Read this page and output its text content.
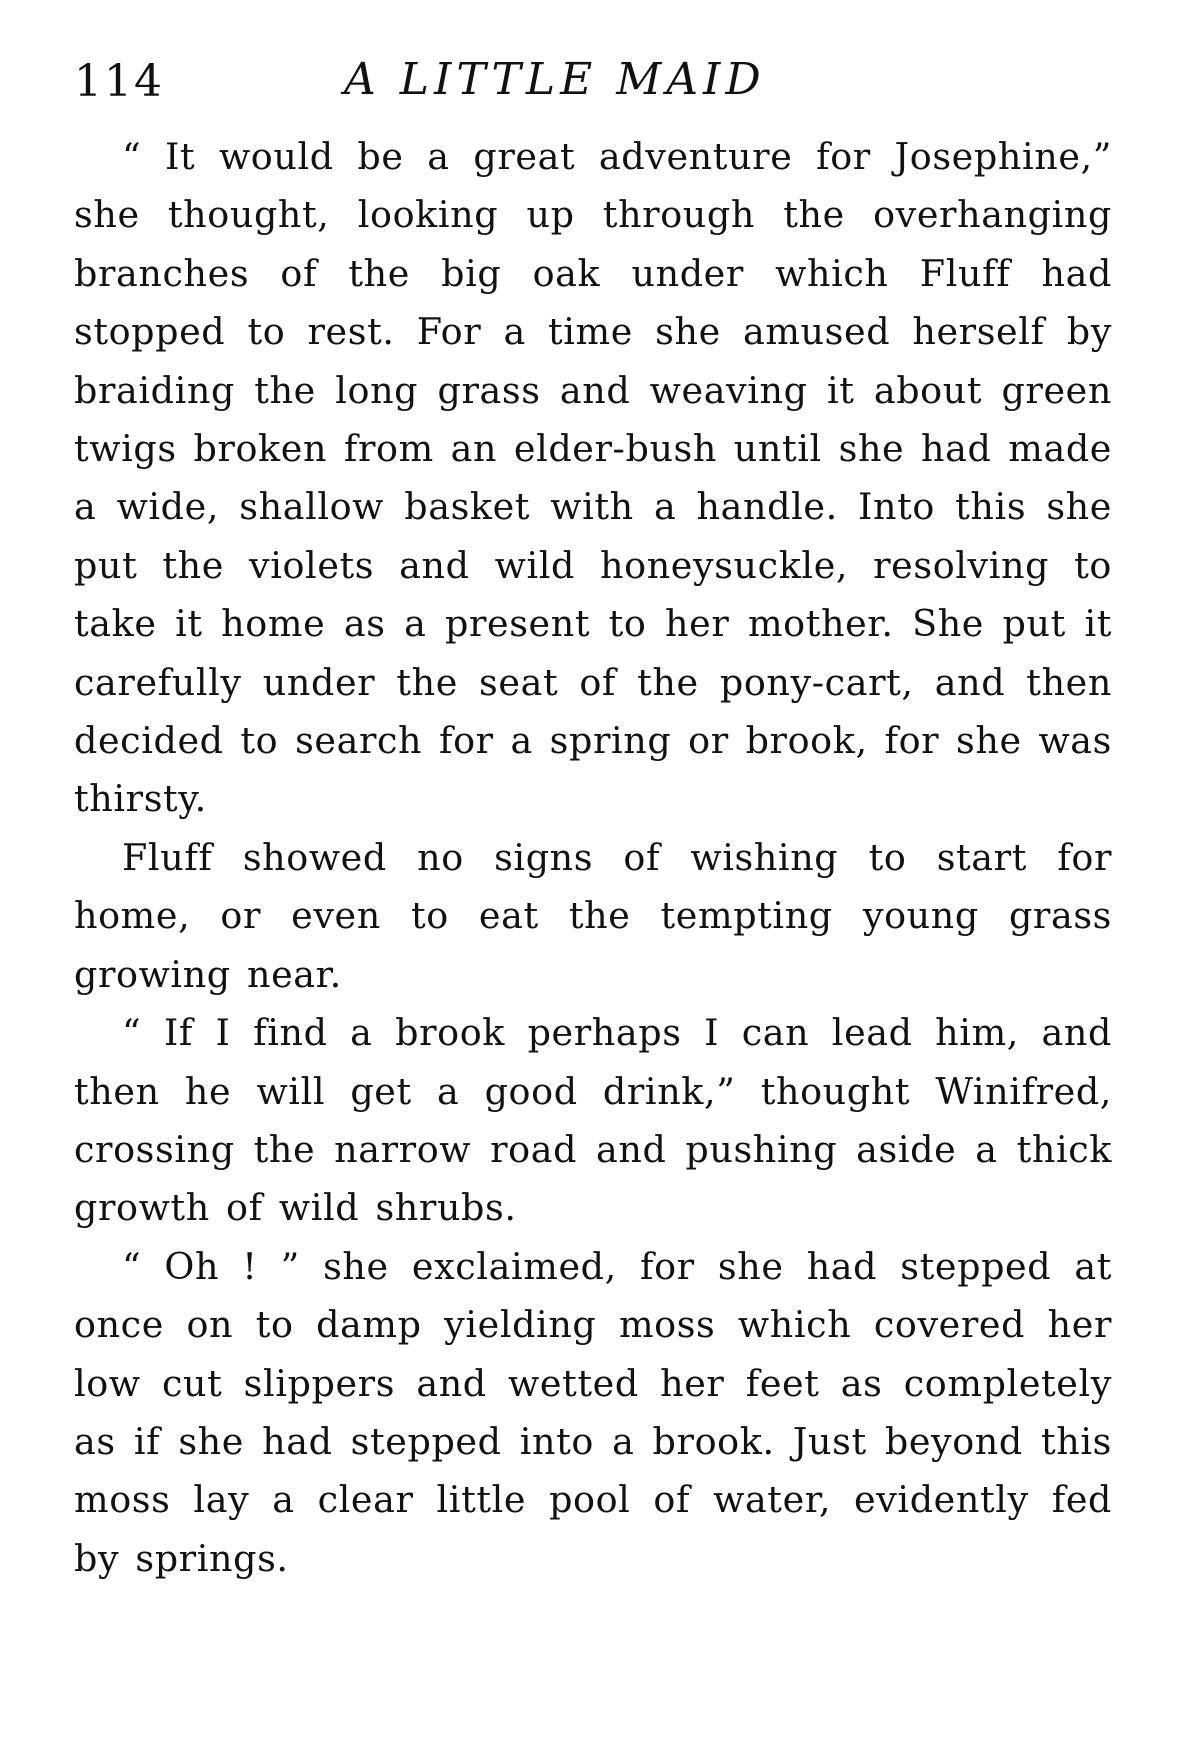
114	A LITTLE MAID

“ It would be a great adventure for Josephine,” she thought, looking up through the overhanging branches of the big oak under which Fluff had stopped to rest. For a time she amused herself by braiding the long grass and weaving it about green twigs broken from an elder-bush until she had made a wide, shallow basket with a handle. Into this she put the violets and wild honeysuckle, resolving to take it home as a present to her mother. She put it carefully under the seat of the pony-cart, and then decided to search for a spring or brook, for she was thirsty.

Fluff showed no signs of wishing to start for home, or even to eat the tempting young grass growing near.

“ If I find a brook perhaps I can lead him, and then he will get a good drink,” thought Winifred, crossing the narrow road and pushing aside a thick growth of wild shrubs.

“ Oh ! ” she exclaimed, for she had stepped at once on to damp yielding moss which covered her low cut slippers and wetted her feet as completely as if she had stepped into a brook. Just beyond this moss lay a clear little pool of water, evidently fed by springs.
